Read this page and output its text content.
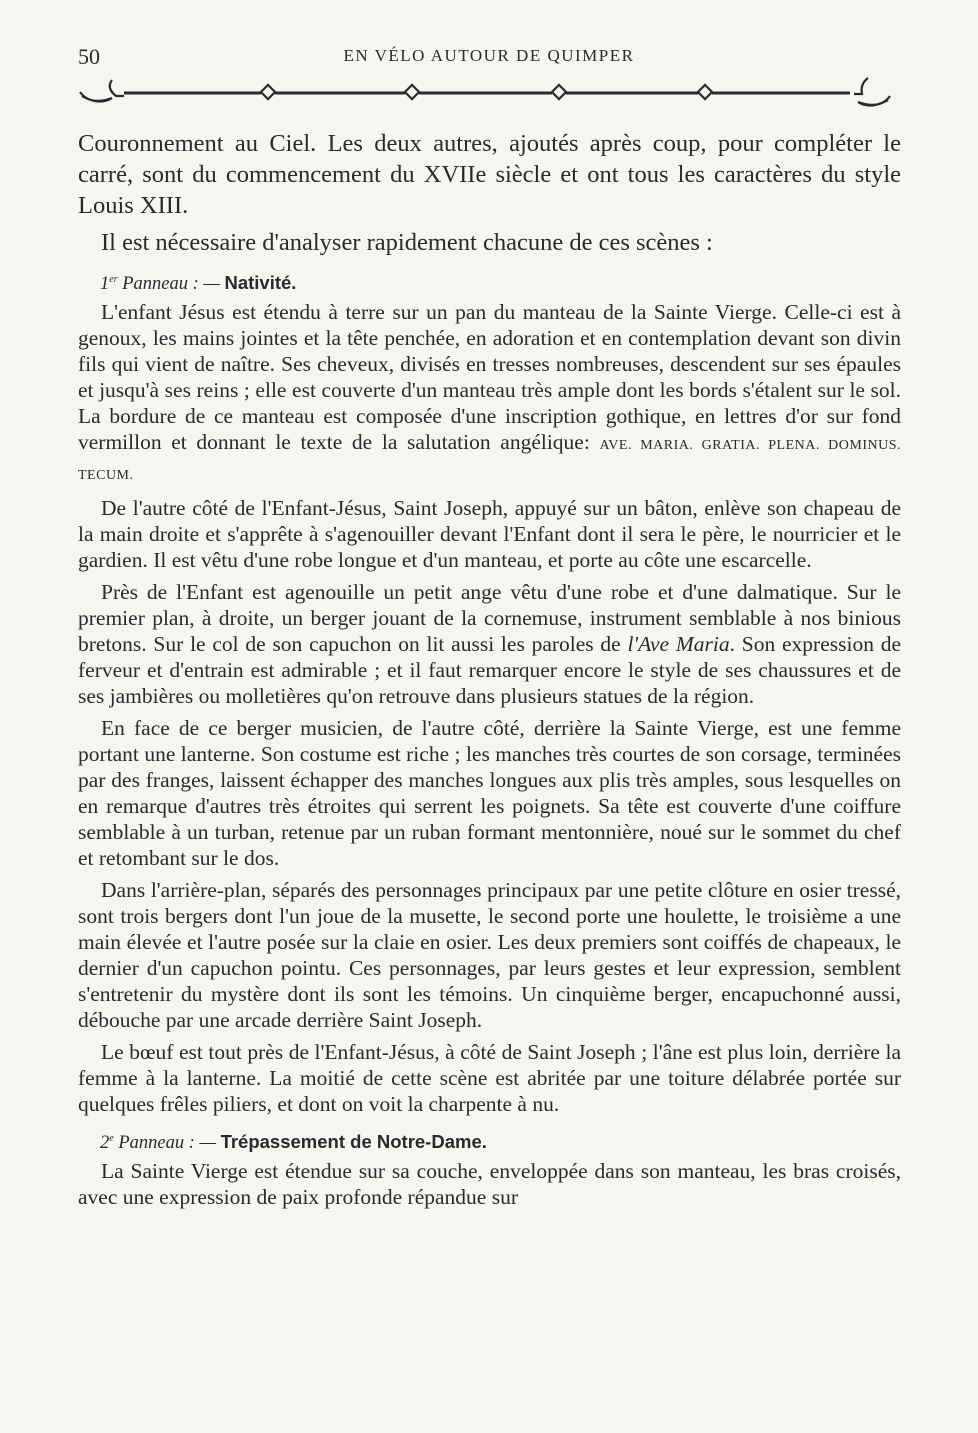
50	EN VÉLO AUTOUR DE QUIMPER

Couronnement au Ciel. Les deux autres, ajoutés après coup, pour compléter le carré, sont du commencement du XVIIe siècle et ont tous les caractères du style Louis XIII.

Il est nécessaire d'analyser rapidement chacune de ces scènes :

1er Panneau : — Nativité.

L'enfant Jésus est étendu à terre sur un pan du manteau de la Sainte Vierge. Celle-ci est à genoux, les mains jointes et la tête penchée, en adoration et en contemplation devant son divin fils qui vient de naître. Ses cheveux, divisés en tresses nombreuses, descendent sur ses épaules et jusqu'à ses reins ; elle est couverte d'un manteau très ample dont les bords s'étalent sur le sol. La bordure de ce manteau est composée d'une inscription gothique, en lettres d'or sur fond vermillon et donnant le texte de la salutation angélique: AVE. MARIA. GRATIA. PLENA. DOMINUS. TECUM.

De l'autre côté de l'Enfant-Jésus, Saint Joseph, appuyé sur un bâton, enlève son chapeau de la main droite et s'apprête à s'agenouiller devant l'Enfant dont il sera le père, le nourricier et le gardien. Il est vêtu d'une robe longue et d'un manteau, et porte au côte une escarcelle.

Près de l'Enfant est agenouille un petit ange vêtu d'une robe et d'une dalmatique. Sur le premier plan, à droite, un berger jouant de la cornemuse, instrument semblable à nos binious bretons. Sur le col de son capuchon on lit aussi les paroles de l'Ave Maria. Son expression de ferveur et d'entrain est admirable ; et il faut remarquer encore le style de ses chaussures et de ses jambières ou molletières qu'on retrouve dans plusieurs statues de la région.

En face de ce berger musicien, de l'autre côté, derrière la Sainte Vierge, est une femme portant une lanterne. Son costume est riche ; les manches très courtes de son corsage, terminées par des franges, laissent échapper des manches longues aux plis très amples, sous lesquelles on en remarque d'autres très étroites qui serrent les poignets. Sa tête est couverte d'une coiffure semblable à un turban, retenue par un ruban formant mentonnière, noué sur le sommet du chef et retombant sur le dos.

Dans l'arrière-plan, séparés des personnages principaux par une petite clôture en osier tressé, sont trois bergers dont l'un joue de la musette, le second porte une houlette, le troisième a une main élevée et l'autre posée sur la claie en osier. Les deux premiers sont coiffés de chapeaux, le dernier d'un capuchon pointu. Ces personnages, par leurs gestes et leur expression, semblent s'entretenir du mystère dont ils sont les témoins. Un cinquième berger, encapuchonné aussi, débouche par une arcade derrière Saint Joseph.

Le bœuf est tout près de l'Enfant-Jésus, à côté de Saint Joseph ; l'âne est plus loin, derrière la femme à la lanterne. La moitié de cette scène est abritée par une toiture délabrée portée sur quelques frêles piliers, et dont on voit la charpente à nu.

2e Panneau : — Trépassement de Notre-Dame.

La Sainte Vierge est étendue sur sa couche, enveloppée dans son manteau, les bras croisés, avec une expression de paix profonde répandue sur
